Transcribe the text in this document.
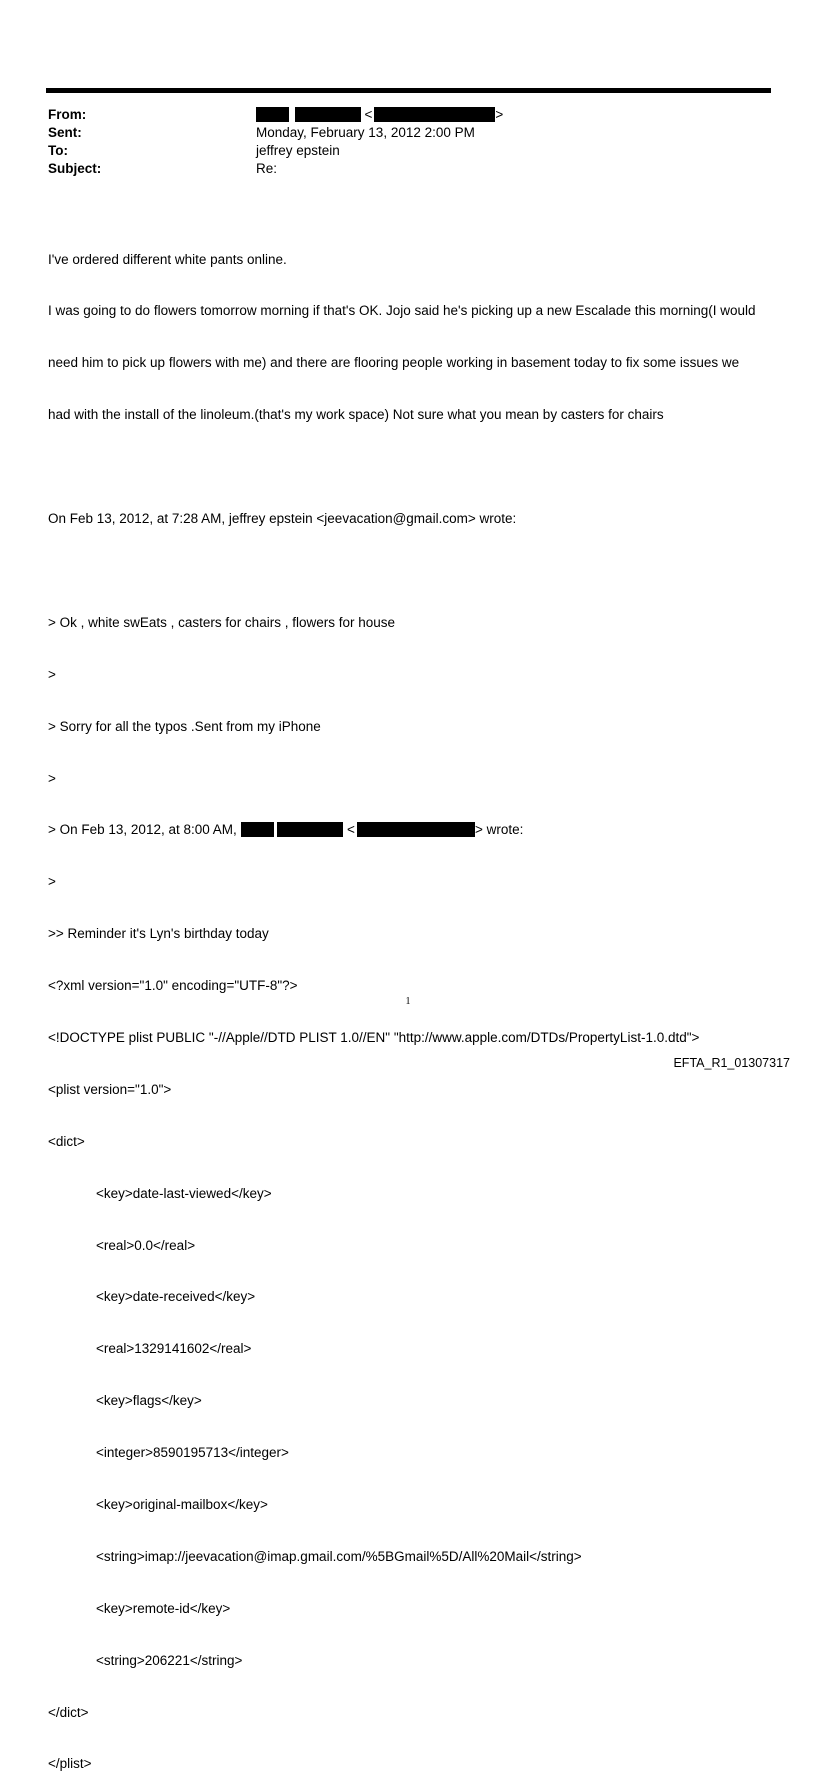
From:	<	>
Sent:	Monday, February 13, 2012 2:00 PM
To:	jeffrey epstein
Subject:	Re:

I've ordered different white pants online.

I was going to do flowers tomorrow morning if that's OK. Jojo said he's picking up a new Escalade this morning(I would

need him to pick up flowers with me) and there are flooring people working in basement today to fix some issues we

had with the install of the linoleum.(that's my work space) Not sure what you mean by casters for chairs

On Feb 13, 2012, at 7:28 AM, jeffrey epstein <jeevacation@gmail.com> wrote:

> Ok , white swEats , casters for chairs , flowers for house

>

> Sorry for all the typos .Sent from my iPhone

>

> On Feb 13, 2012, at 8:00 AM,	<	> wrote:

>

>> Reminder it's Lyn's birthday today

<?xml version="1.0" encoding="UTF-8"?>

<!DOCTYPE plist PUBLIC "-//Apple//DTD PLIST 1.0//EN" "http://www.apple.com/DTDs/PropertyList-1.0.dtd">

<plist version="1.0">

<dict>

<key>date-last-viewed</key>

<real>0.0</real>

<key>date-received</key>

<real>1329141602</real>

<key>flags</key>

<integer>8590195713</integer>

<key>original-mailbox</key>

<string>imap://jeevacation@imap.gmail.com/%5BGmail%5D/All%20Mail</string>

<key>remote-id</key>

<string>206221</string>

</dict>

</plist>

1
EFTA_R1_01307317
